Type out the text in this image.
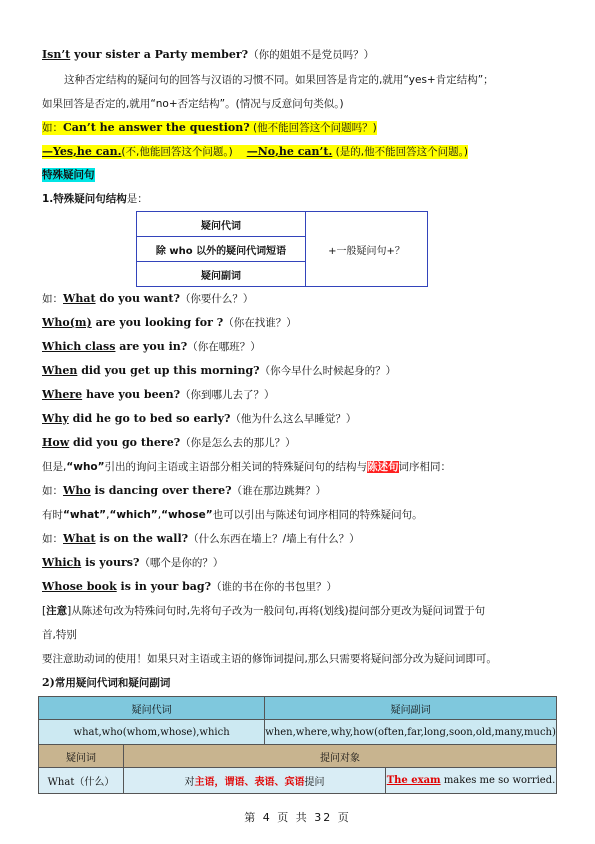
Isn’t your sister a Party member?（你的姐姐不是党员吗？）
这种否定结构的疑问句的回答与汉语的习惯不同。如果回答是肯定的,就用“yes+肯定结构”；
如果回答是否定的,就用“no+否定结构”。(情况与反意问句类似。)
如：Can’t he answer the question? (他不能回答这个问题吗？)
—Yes,he can.(不,他能回答这个问题。) —No,he can’t. (是的,他不能回答这个问题。)
特殊疑问句
1.特殊疑问句结构是：
疑问代词	+一般疑问句+？
除 who 以外的疑问代词短语
疑问副词
如：What do you want?（你要什么？）
Who(m) are you looking for ?（你在找谁？）
Which class are you in?（你在哪班？）
When did you get up this morning?（你今早什么时候起身的？）
Where have you been?（你到哪儿去了？）
Why did he go to bed so early?（他为什么这么早睡觉？）
How did you go there?（你是怎么去的那儿？）
但是,“who”引出的询问主语或主语部分相关词的特殊疑问句的结构与陈述句词序相同：
如：Who is dancing over there?（谁在那边跳舞？）
有时“what”,“which”,“whose”也可以引出与陈述句词序相同的特殊疑问句。
如：What is on the wall?（什么东西在墙上？/墙上有什么？）
Which is yours?（哪个是你的？）
Whose book is in your bag?（谁的书在你的书包里？）
[注意]从陈述句改为特殊问句时,先将句子改为一般问句,再将(划线)提问部分更改为疑问词置于句
首,特别
要注意助动词的使用！如果只对主语或主语的修饰词提问,那么只需要将疑问部分改为疑问词即可。
2)常用疑问代词和疑问副词
疑问代词		疑问副词	
what,who(whom,whose),which		when,where,why,how(often,far,long,soon,old,many,much)	
疑问词	提问对象		
What（什么）	对主语，谓语、表语、宾语提问		The exam makes me so worried.
第 4 页 共 32 页
